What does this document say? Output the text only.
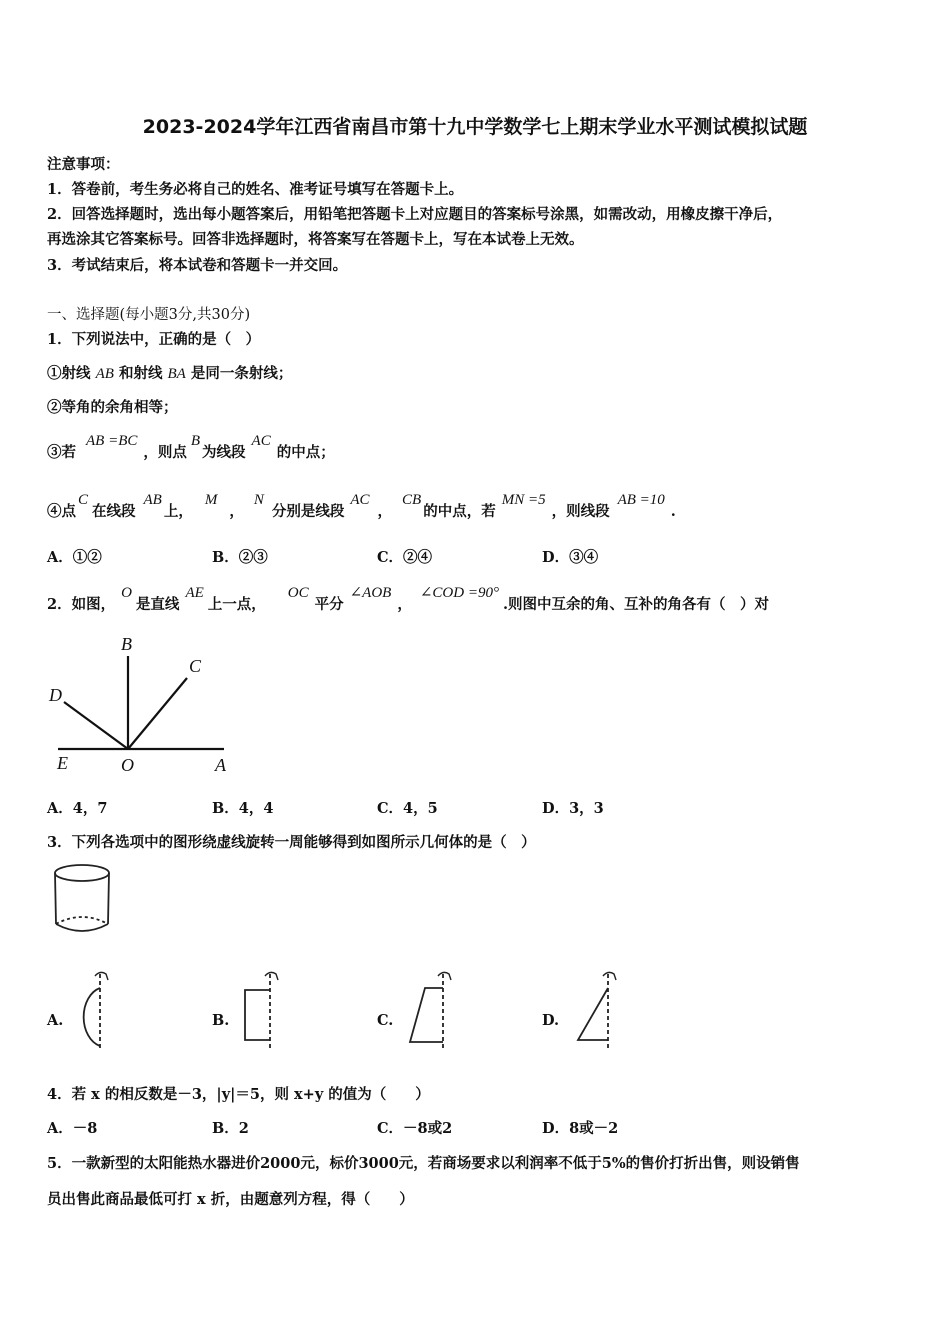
2023-2024学年江西省南昌市第十九中学数学七上期末学业水平测试模拟试题
注意事项：
1．答卷前，考生务必将自己的姓名、准考证号填写在答题卡上。
2．回答选择题时，选出每小题答案后，用铅笔把答题卡上对应题目的答案标号涂黑，如需改动，用橡皮擦干净后，
再选涂其它答案标号。回答非选择题时，将答案写在答题卡上，写在本试卷上无效。
3．考试结束后，将本试卷和答题卡一并交回。
一、选择题(每小题3分,共30分)
1．下列说法中，正确的是（　）
①射线 AB 和射线 BA 是同一条射线；
②等角的余角相等；
③若AB =BC，则点B为线段AC的中点；
④点C在线段AB上，M，N分别是线段AC，CB的中点，若MN =5，则线段AB =10.
A．①②	B．②③	C．②④	D．③④
2．如图，O是直线AE上一点，OC平分∠AOB，∠COD =90°.则图中互余的角、互补的角各有（　）对
B
C
D
E	O	A
A．4，7	B．4，4	C．4，5	D．3，3
3．下列各选项中的图形绕虚线旋转一周能够得到如图所示几何体的是（　）
A.	B.	C.	D.
4．若 x 的相反数是－3，|y|＝5，则 x+y 的值为（　　）
A．－8	B．2	C．－8或2	D．8或－2
5．一款新型的太阳能热水器进价2000元，标价3000元，若商场要求以利润率不低于5%的售价打折出售，则设销售
员出售此商品最低可打 x 折，由题意列方程，得（　　）
